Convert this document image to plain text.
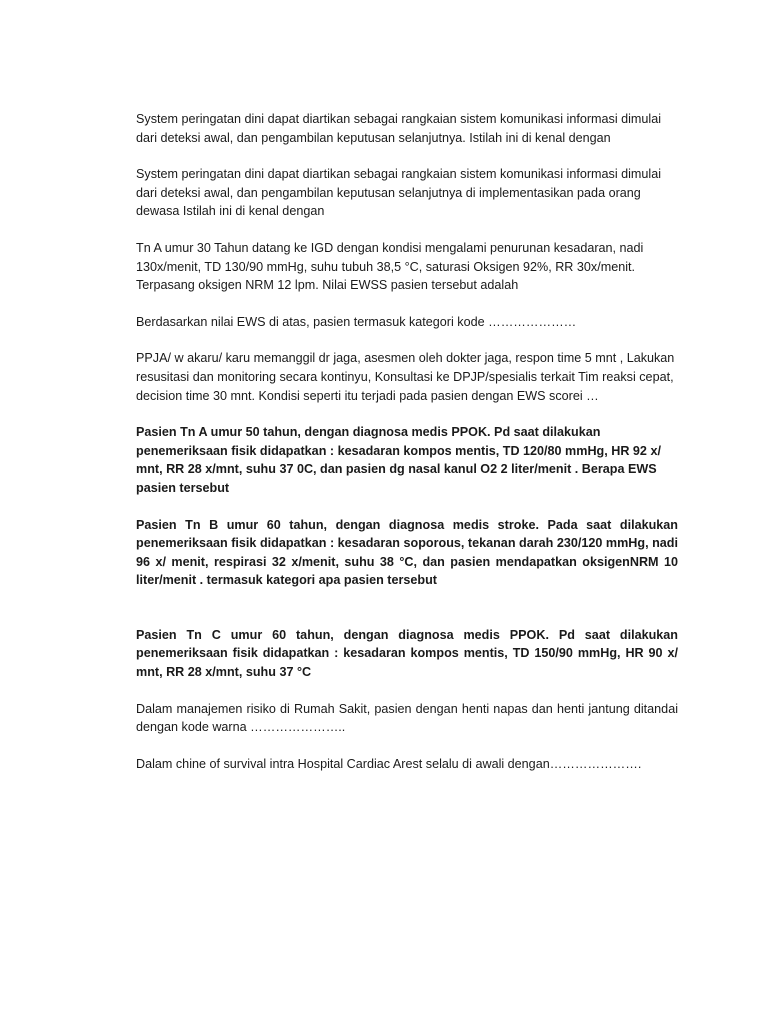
System peringatan dini dapat diartikan sebagai rangkaian sistem komunikasi informasi dimulai dari deteksi awal, dan pengambilan keputusan selanjutnya. Istilah ini di kenal dengan

System peringatan dini dapat diartikan sebagai rangkaian sistem komunikasi informasi dimulai dari deteksi awal, dan pengambilan keputusan selanjutnya di implementasikan pada orang dewasa Istilah ini di kenal dengan

Tn A umur 30 Tahun datang ke IGD dengan kondisi mengalami penurunan kesadaran, nadi 130x/menit, TD 130/90 mmHg, suhu tubuh 38,5 °C, saturasi Oksigen 92%, RR 30x/menit. Terpasang oksigen NRM 12 lpm. Nilai EWSS pasien tersebut adalah

Berdasarkan nilai EWS di atas, pasien termasuk kategori kode …………………

PPJA/ w akaru/ karu memanggil dr jaga, asesmen oleh dokter jaga, respon time 5 mnt , Lakukan resusitasi dan monitoring secara kontinyu, Konsultasi ke DPJP/spesialis terkait Tim reaksi cepat, decision time 30 mnt. Kondisi seperti itu terjadi pada pasien dengan EWS scorei …

Pasien Tn A umur 50 tahun, dengan diagnosa medis PPOK. Pd saat dilakukan penemeriksaan fisik didapatkan : kesadaran kompos mentis, TD 120/80 mmHg, HR 92 x/ mnt, RR 28 x/mnt, suhu 37 0C, dan pasien dg nasal kanul O2 2 liter/menit . Berapa EWS pasien tersebut

Pasien Tn B umur 60 tahun, dengan diagnosa medis stroke. Pada saat dilakukan penemeriksaan fisik didapatkan : kesadaran soporous, tekanan darah 230/120 mmHg, nadi 96 x/ menit, respirasi 32 x/menit, suhu 38 °C, dan pasien mendapatkan oksigenNRM 10 liter/menit . termasuk kategori apa pasien tersebut

Pasien Tn C umur 60 tahun, dengan diagnosa medis PPOK. Pd saat dilakukan penemeriksaan fisik didapatkan : kesadaran kompos mentis, TD 150/90 mmHg, HR 90 x/ mnt, RR 28 x/mnt, suhu 37 °C

Dalam manajemen risiko di Rumah Sakit, pasien dengan henti napas dan henti jantung ditandai dengan kode warna …………………..

Dalam chine of survival intra Hospital Cardiac Arest selalu di awali dengan………………….
